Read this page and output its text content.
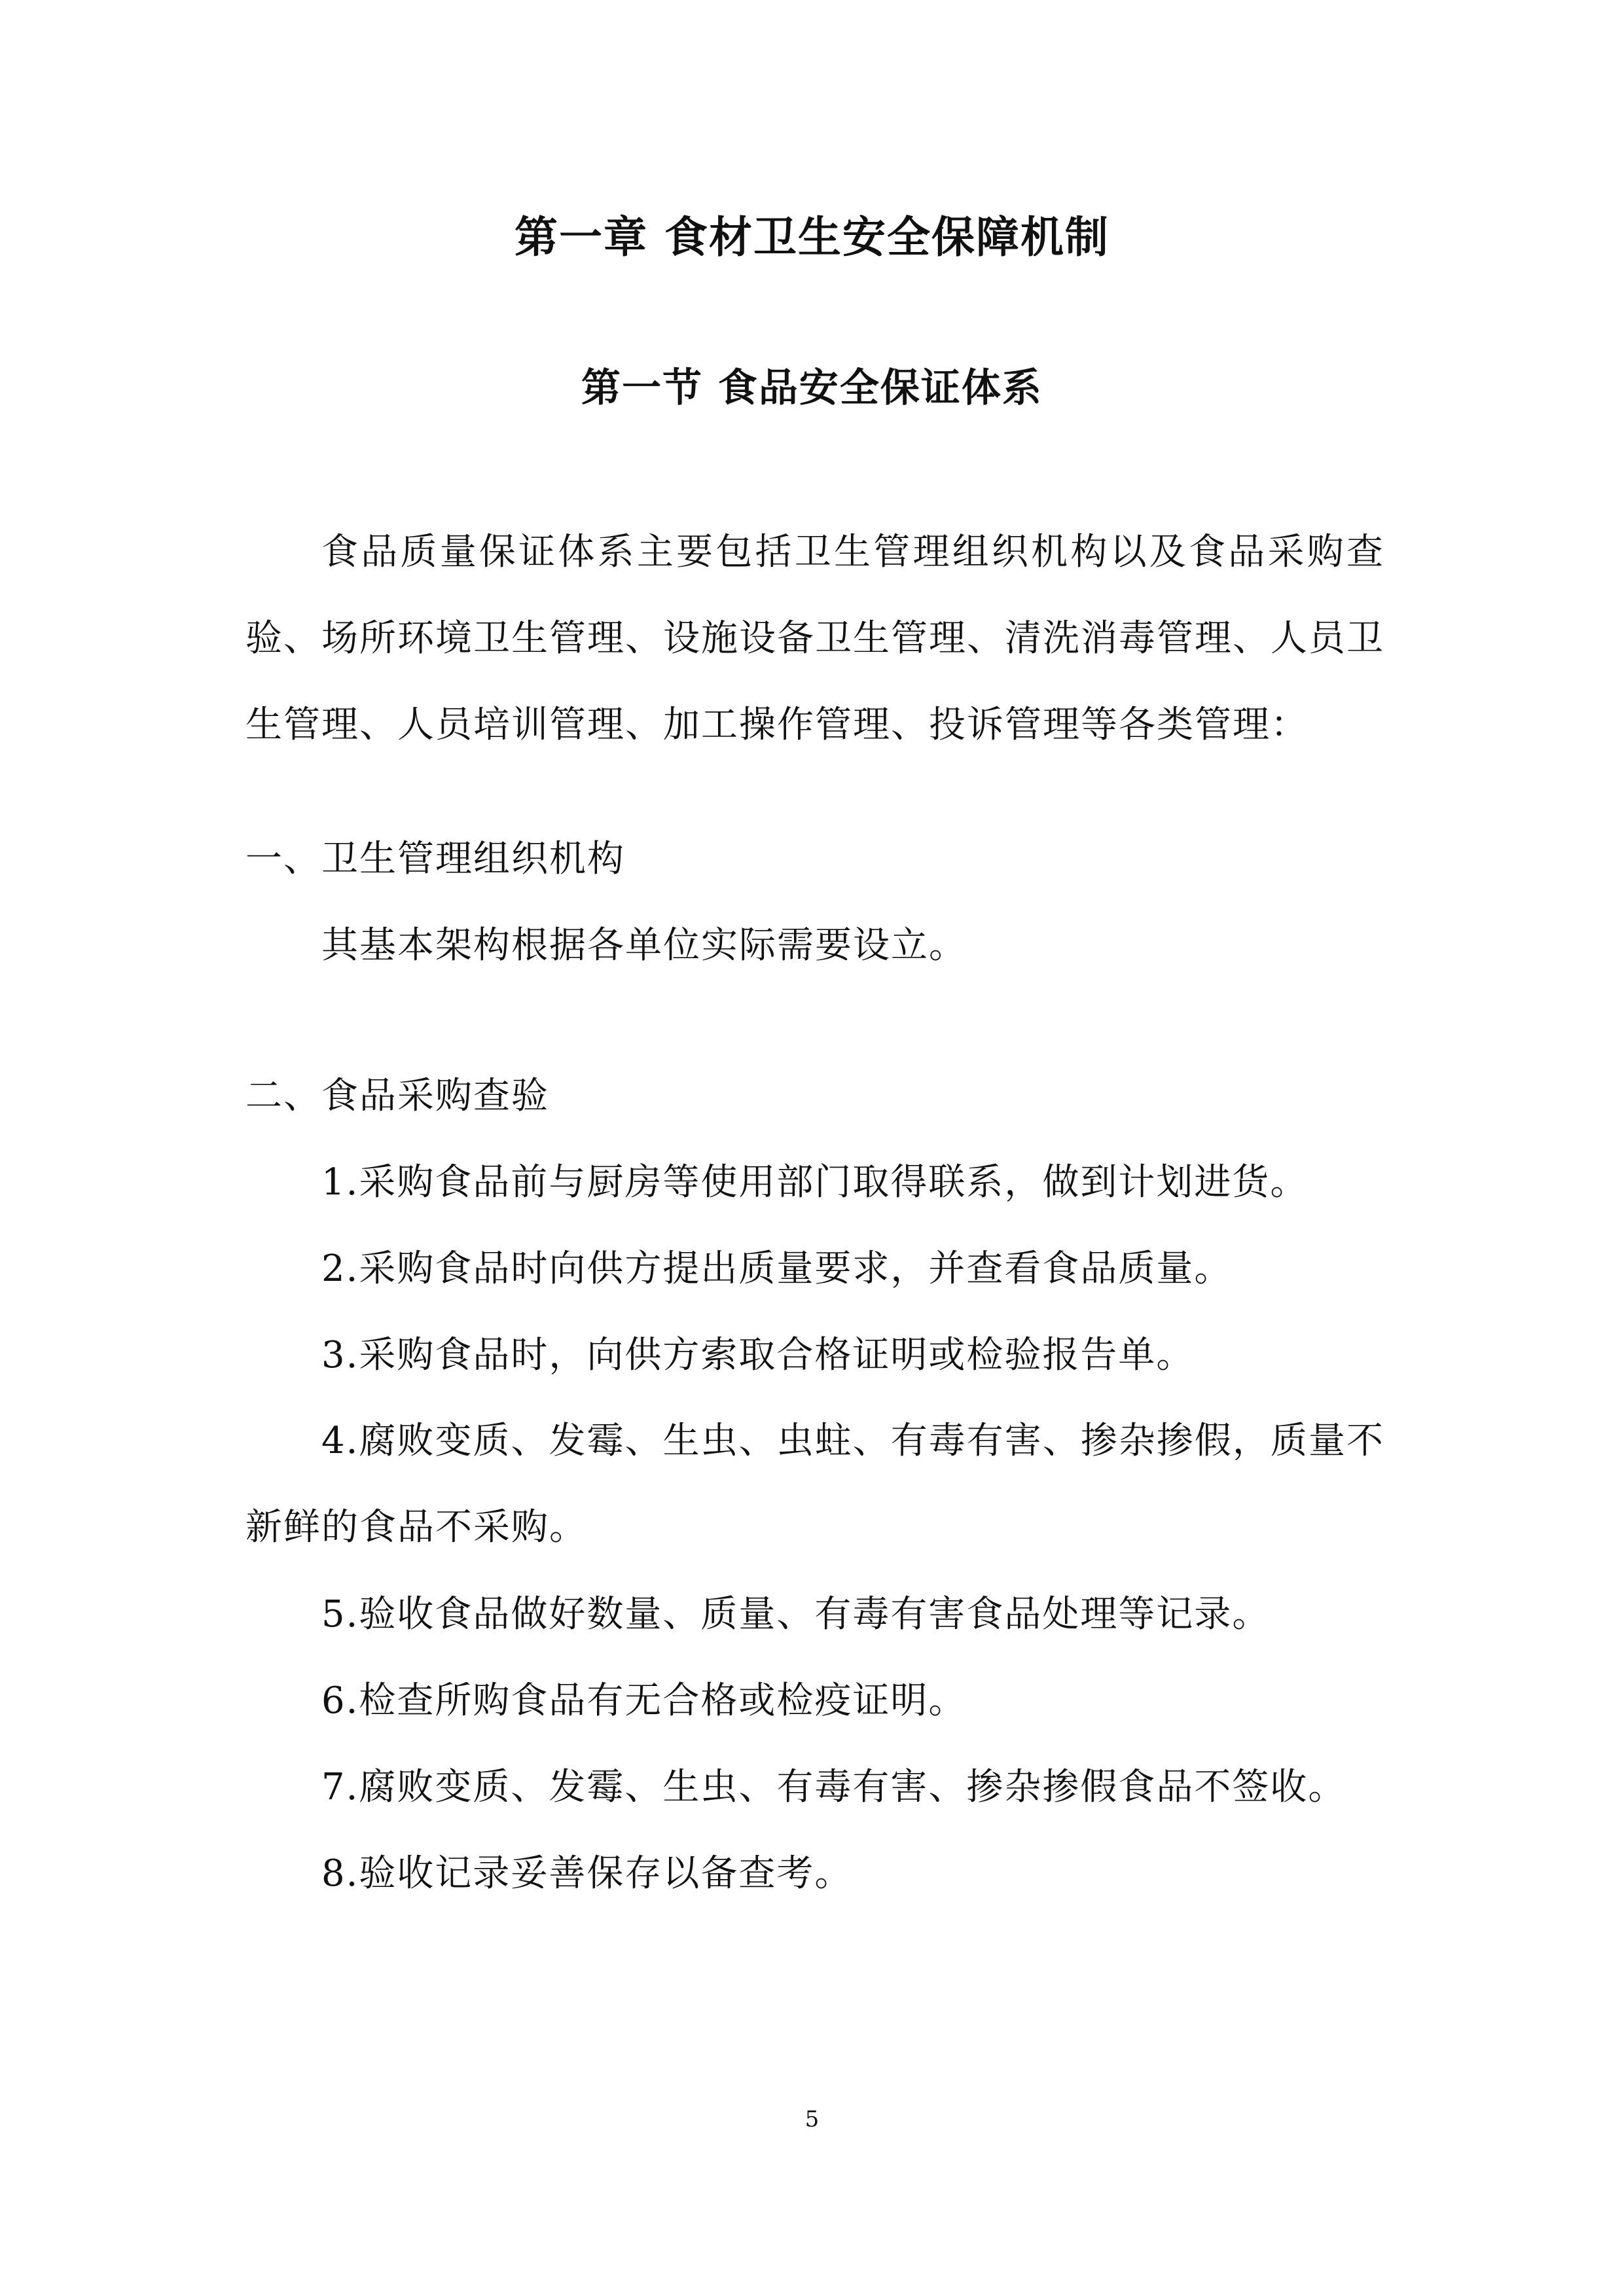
第一章 食材卫生安全保障机制
第一节 食品安全保证体系

食品质量保证体系主要包括卫生管理组织机构以及食品采购查验、场所环境卫生管理、设施设备卫生管理、清洗消毒管理、人员卫生管理、人员培训管理、加工操作管理、投诉管理等各类管理：

一、卫生管理组织机构

其基本架构根据各单位实际需要设立。

二、食品采购查验

1.采购食品前与厨房等使用部门取得联系，做到计划进货。

2.采购食品时向供方提出质量要求，并查看食品质量。

3.采购食品时，向供方索取合格证明或检验报告单。

4.腐败变质、发霉、生虫、虫蛀、有毒有害、掺杂掺假，质量不新鲜的食品不采购。

5.验收食品做好数量、质量、有毒有害食品处理等记录。

6.检查所购食品有无合格或检疫证明。

7.腐败变质、发霉、生虫、有毒有害、掺杂掺假食品不签收。

8.验收记录妥善保存以备查考。

5
